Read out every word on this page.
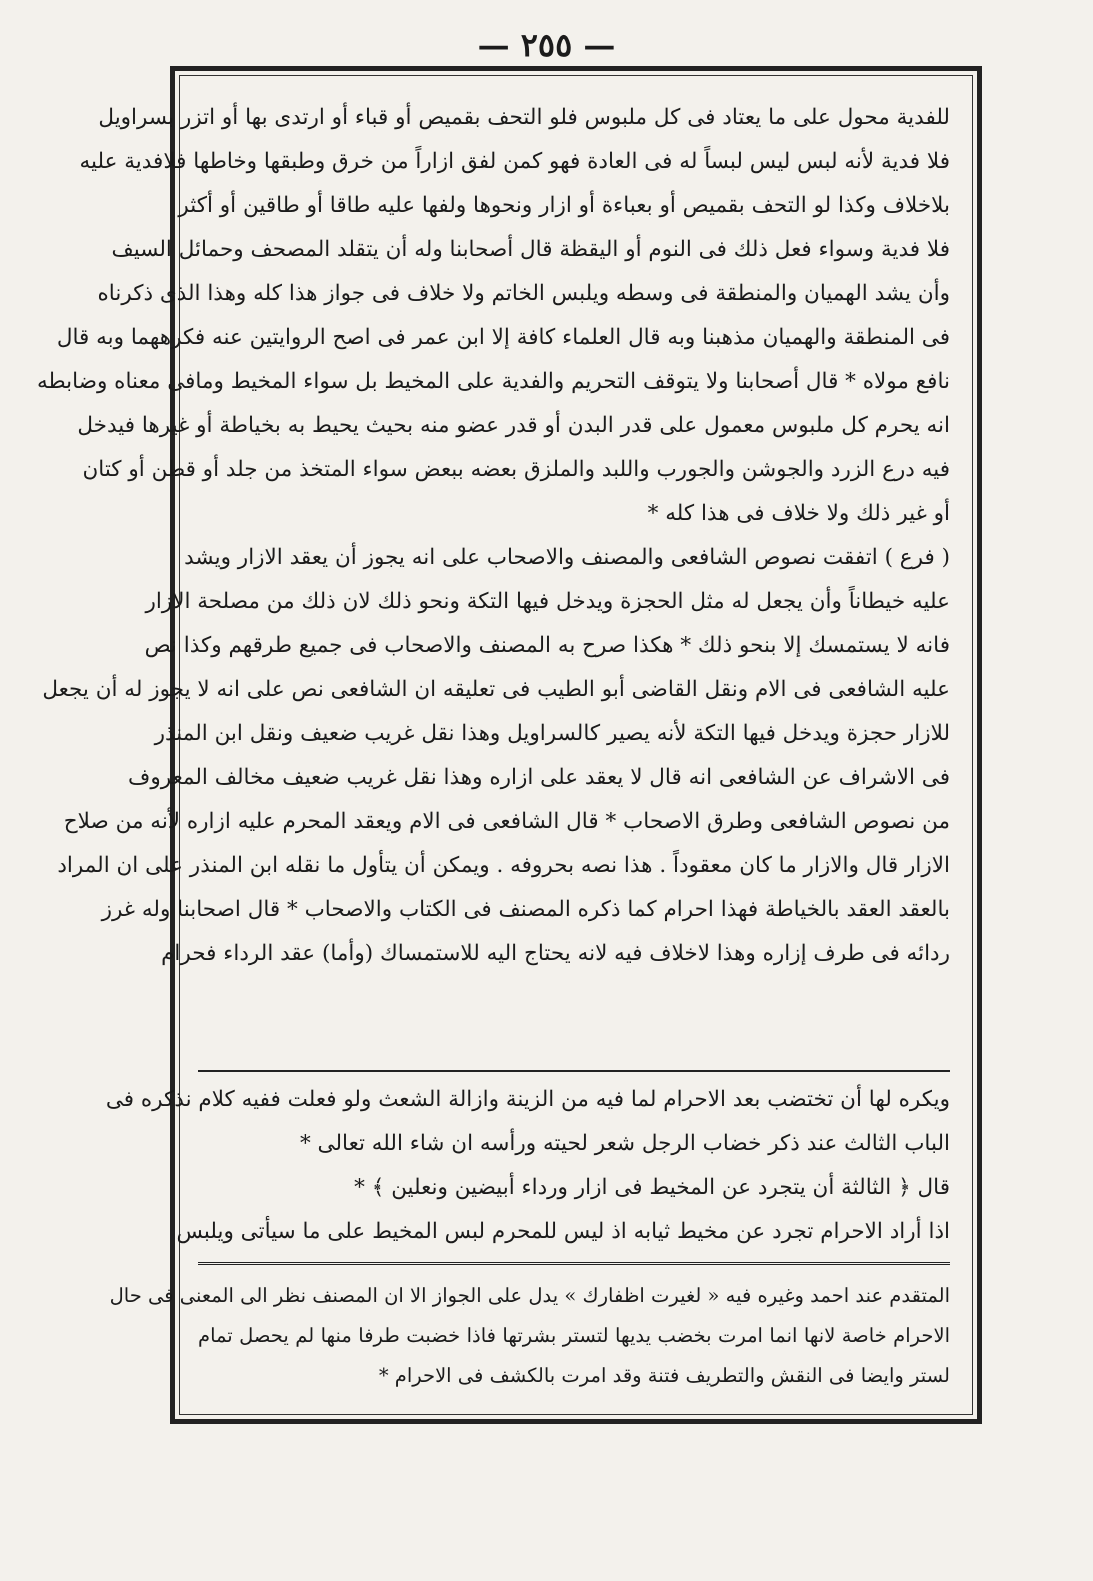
— ٢٥٥ —
للفدية محول على ما يعتاد فى كل ملبوس فلو التحف بقميص أو قباء أو ارتدى بها أو اتزر بسراويل
فلا فدية لأنه لبس ليس لبساً له فى العادة فهو كمن لفق ازاراً من خرق وطبقها وخاطها فلافدية عليه
بلاخلاف وكذا لو التحف بقميص أو بعباءة أو ازار ونحوها ولفها عليه طاقا أو طاقين أو أكثر
فلا فدية وسواء فعل ذلك فى النوم أو اليقظة قال أصحابنا وله أن يتقلد المصحف وحمائل السيف
وأن يشد الهميان والمنطقة فى وسطه ويلبس الخاتم ولا خلاف فى جواز هذا كله وهذا الذى ذكرناه
فى المنطقة والهميان مذهبنا وبه قال العلماء كافة إلا ابن عمر فى اصح الروايتين عنه فكرههما وبه قال
نافع مولاه * قال أصحابنا ولا يتوقف التحريم والفدية على المخيط بل سواء المخيط ومافى معناه وضابطه
انه يحرم كل ملبوس معمول على قدر البدن أو قدر عضو منه بحيث يحيط به بخياطة أو غيرها فيدخل
فيه درع الزرد والجوشن والجورب واللبد والملزق بعضه ببعض سواء المتخذ من جلد أو قطن أو كتان
أو غير ذلك ولا خلاف فى هذا كله *
( فرع ) اتفقت نصوص الشافعى والمصنف والاصحاب على انه يجوز أن يعقد الازار ويشد
عليه خيطاناً وأن يجعل له مثل الحجزة ويدخل فيها التكة ونحو ذلك لان ذلك من مصلحة الازار
فانه لا يستمسك إلا بنحو ذلك * هكذا صرح به المصنف والاصحاب فى جميع طرقهم وكذا نص
عليه الشافعى فى الام ونقل القاضى أبو الطيب فى تعليقه ان الشافعى نص على انه لا يجوز له أن يجعل
للازار حجزة ويدخل فيها التكة لأنه يصير كالسراويل وهذا نقل غريب ضعيف ونقل ابن المنذر
فى الاشراف عن الشافعى انه قال لا يعقد على ازاره وهذا نقل غريب ضعيف مخالف المعروف
من نصوص الشافعى وطرق الاصحاب * قال الشافعى فى الام ويعقد المحرم عليه ازاره لأنه من صلاح
الازار قال والازار ما كان معقوداً . هذا نصه بحروفه . ويمكن أن يتأول ما نقله ابن المنذر على ان المراد
بالعقد العقد بالخياطة فهذا احرام كما ذكره المصنف فى الكتاب والاصحاب * قال اصحابنا وله غرز
ردائه فى طرف إزاره وهذا لاخلاف فيه لانه يحتاج اليه للاستمساك (وأما) عقد الرداء فحرام
ويكره لها أن تختضب بعد الاحرام لما فيه من الزينة وازالة الشعث ولو فعلت ففيه كلام نذكره فى
الباب الثالث عند ذكر خضاب الرجل شعر لحيته ورأسه ان شاء الله تعالى *
قال ﴿ الثالثة أن يتجرد عن المخيط فى ازار ورداء أبيضين ونعلين ﴾ *
اذا أراد الاحرام تجرد عن مخيط ثيابه اذ ليس للمحرم لبس المخيط على ما سيأتى ويلبس
المتقدم عند احمد وغيره فيه « لغيرت اظفارك » يدل على الجواز الا ان المصنف نظر الى المعنى فى حال
الاحرام خاصة لانها انما امرت بخضب يديها لتستر بشرتها فاذا خضبت طرفا منها لم يحصل تمام
لستر وايضا فى النقش والتطريف فتنة وقد امرت بالكشف فى الاحرام *
